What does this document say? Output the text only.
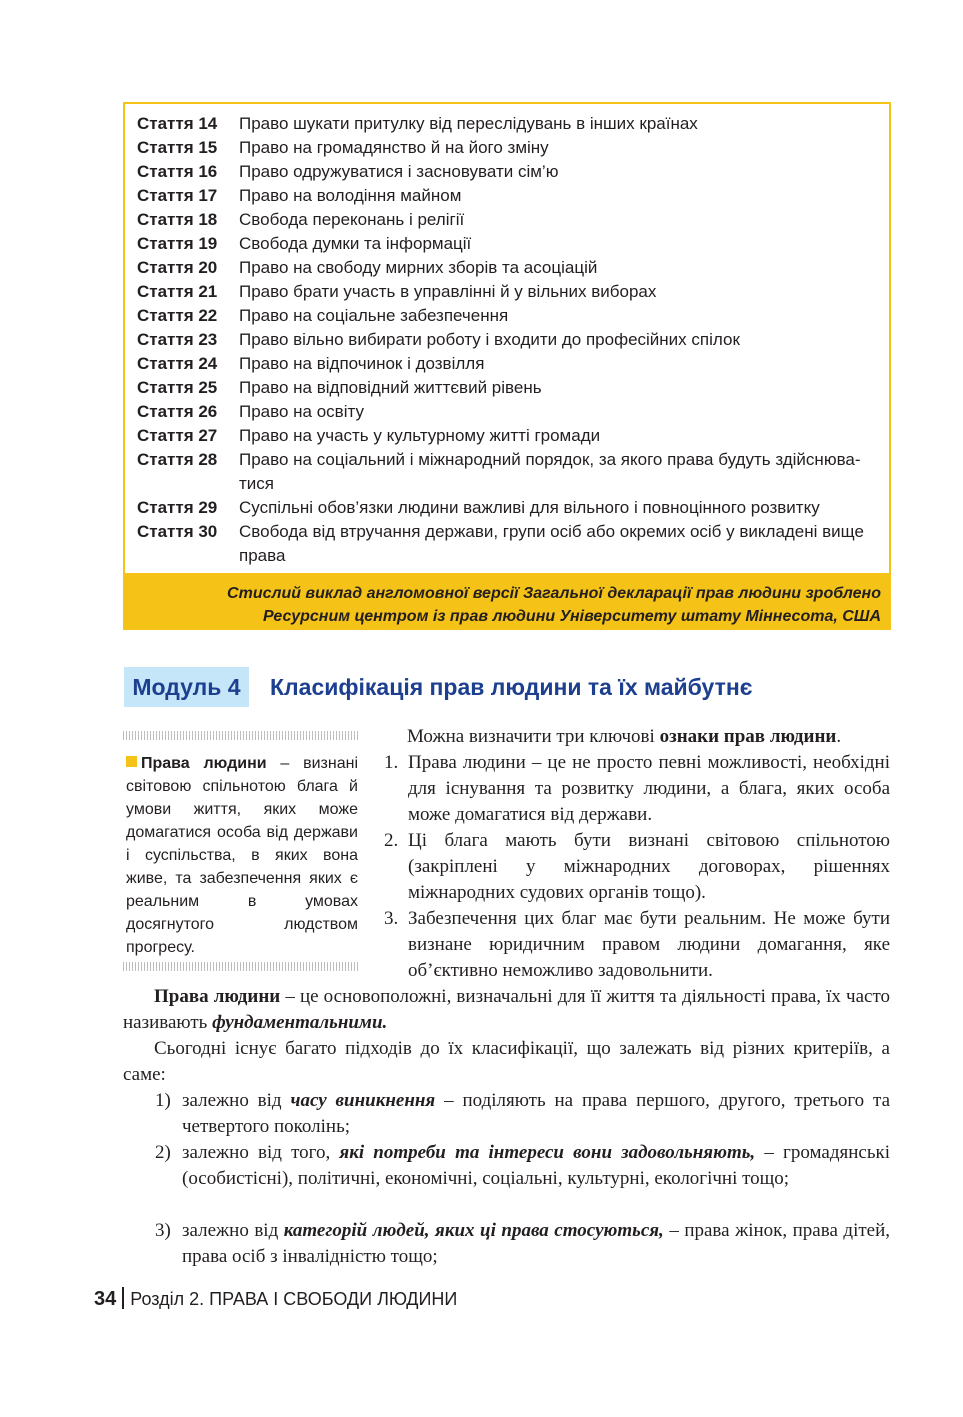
Стаття 14	Право шукати притулку від переслідувань в інших країнах
Стаття 15	Право на громадянство й на його зміну
Стаття 16	Право одружуватися і засновувати сім’ю
Стаття 17	Право на володіння майном
Стаття 18	Свобода переконань і релігії
Стаття 19	Свобода думки та інформації
Стаття 20	Право на свободу мирних зборів та асоціацій
Стаття 21	Право брати участь в управлінні й у вільних виборах
Стаття 22	Право на соціальне забезпечення
Стаття 23	Право вільно вибирати роботу і входити до професійних спілок
Стаття 24	Право на відпочинок і дозвілля
Стаття 25	Право на відповідний життєвий рівень
Стаття 26	Право на освіту
Стаття 27	Право на участь у культурному житті громади
Стаття 28	Право на соціальний і міжнародний порядок, за якого права будуть здійснюва- тися
Стаття 29	Суспільні обов’язки людини важливі для вільного і повноцінного розвитку
Стаття 30	Свобода від втручання держави, групи осіб або окремих осіб у викладені вище права
Стислий виклад англомовної версії Загальної декларації прав людини зроблено
Ресурсним центром із прав людини Університету штату Міннесота, США
Модуль 4	Класифікація прав людини та їх майбутнє
Права людини – визнані світовою спільнотою блага й умови життя, яких може домагатися особа від держави і суспільства, в яких вона живе, та забезпечення яких є реальним в умовах досягнутого людством прогресу.
Можна визначити три ключові ознаки прав людини.
1. Права людини – це не просто певні можливості, необхідні для існування та розвитку людини, а блага, яких особа може домагатися від держави.
2. Ці блага мають бути визнані світовою спільнотою (закріплені у міжнародних договорах, рішеннях міжнародних судових органів тощо).
3. Забезпечення цих благ має бути реальним. Не може бути визнане юридичним правом людини домагання, яке об’єктивно неможливо задовольнити.
Права людини – це основоположні, визначальні для її життя та діяльності права, їх часто називають фундаментальними.
Сьогодні існує багато підходів до їх класифікації, що залежать від різних критеріїв, а саме:
1) залежно від часу виникнення – поділяють на права першого, другого, третього та четвертого поколінь;
2) залежно від того, які потреби та інтереси вони задовольняють, – громадянські (особистісні), політичні, економічні, соціальні, культурні, екологічні тощо;
3) залежно від категорій людей, яких ці права стосуються, – права жінок, права дітей, права осіб з інвалідністю тощо;
34 Розділ 2. ПРАВА І СВОБОДИ ЛЮДИНИ
